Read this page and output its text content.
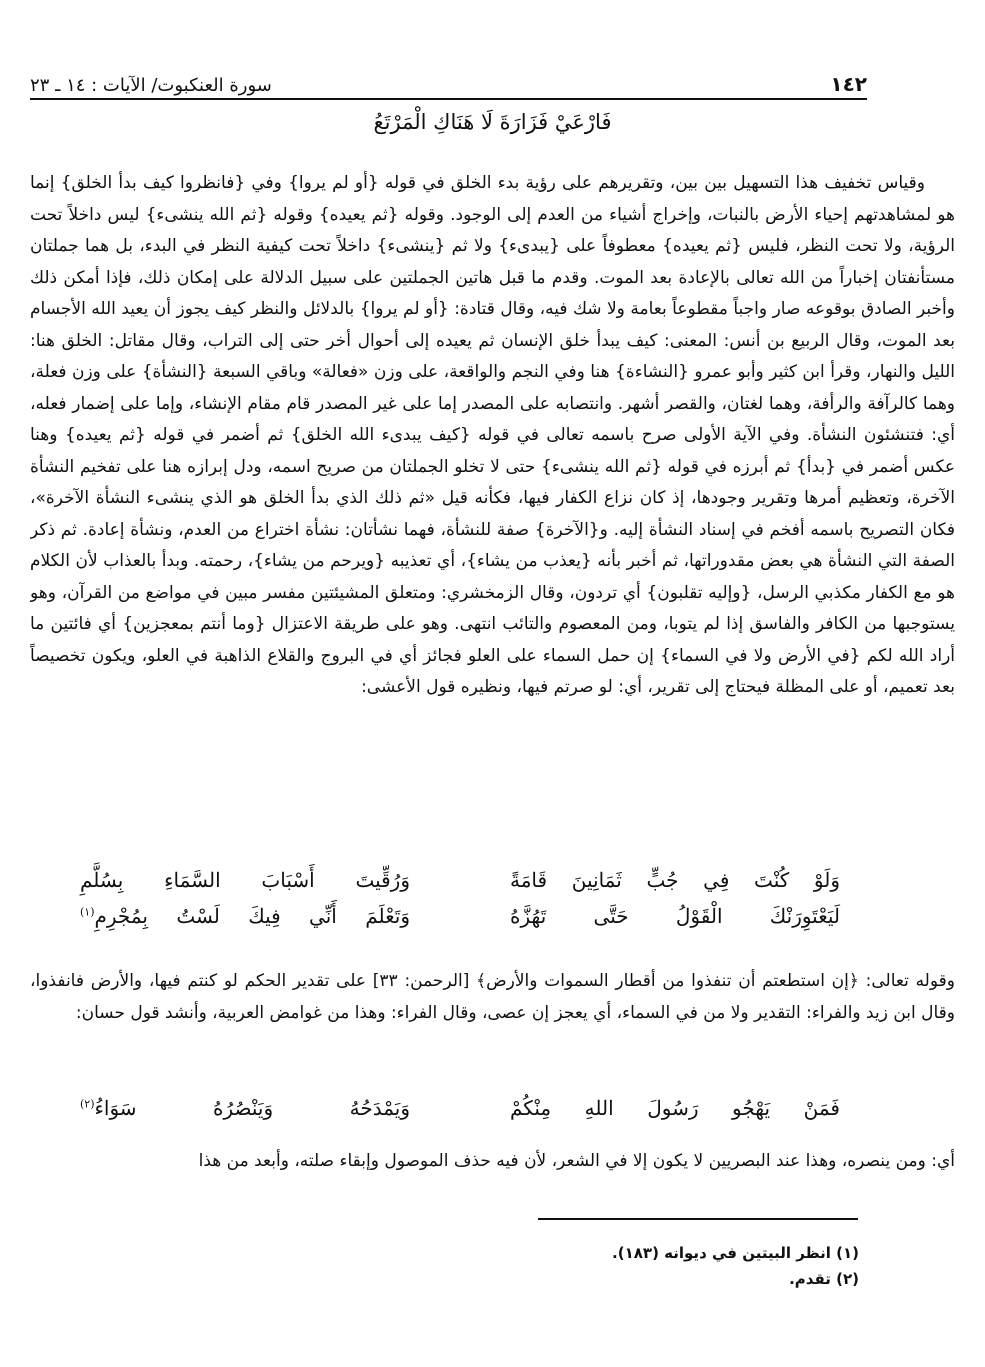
١٤٢
سورة العنكبوت/ الآيات : ١٤ ـ ٢٣
فَارْعَيْ فَزَارَةَ لَا هَنَاكِ الْمَرْتَعُ

وقياس تخفيف هذا التسهيل بين بين، وتقريرهم على رؤية بدء الخلق في قوله {أو لم يروا} وفي {فانظروا كيف بدأ الخلق} إنما هو لمشاهدتهم إحياء الأرض بالنبات، وإخراج أشياء من العدم إلى الوجود. وقوله {ثم يعيده} وقوله {ثم الله ينشىء} ليس داخلاً تحت الرؤية، ولا تحت النظر، فليس {ثم يعيده} معطوفاً على {يبدىء} ولا ثم {ينشىء} داخلاً تحت كيفية النظر في البدء، بل هما جملتان مستأنفتان إخباراً من الله تعالى بالإعادة بعد الموت. وقدم ما قبل هاتين الجملتين على سبيل الدلالة على إمكان ذلك، فإذا أمكن ذلك وأخبر الصادق بوقوعه صار واجباً مقطوعاً بعامة ولا شك فيه، وقال قتادة: {أو لم يروا} بالدلائل والنظر كيف يجوز أن يعيد الله الأجسام بعد الموت، وقال الربيع بن أنس: المعنى: كيف يبدأ خلق الإنسان ثم يعيده إلى أحوال أخر حتى إلى التراب، وقال مقاتل: الخلق هنا: الليل والنهار، وقرأ ابن كثير وأبو عمرو {النشاءة} هنا وفي النجم والواقعة، على وزن «فعالة» وباقي السبعة {النشأة} على وزن فعلة، وهما كالرآفة والرأفة، وهما لغتان، والقصر أشهر. وانتصابه على المصدر إما على غير المصدر قام مقام الإنشاء، وإما على إضمار فعله، أي: فتنشئون النشأة. وفي الآية الأولى صرح باسمه تعالى في قوله {كيف يبدىء الله الخلق} ثم أضمر في قوله {ثم يعيده} وهنا عكس أضمر في {بدأ} ثم أبرزه في قوله {ثم الله ينشىء} حتى لا تخلو الجملتان من صريح اسمه، ودل إبرازه هنا على تفخيم النشأة الآخرة، وتعظيم أمرها وتقرير وجودها، إذ كان نزاع الكفار فيها، فكأنه قيل «ثم ذلك الذي بدأ الخلق هو الذي ينشىء النشأة الآخرة»، فكان التصريح باسمه أفخم في إسناد النشأة إليه. و{الآخرة} صفة للنشأة، فهما نشأتان: نشأة اختراع من العدم، ونشأة إعادة. ثم ذكر الصفة التي النشأة هي بعض مقدوراتها، ثم أخبر بأنه {يعذب من يشاء}، أي تعذيبه {ويرحم من يشاء}، رحمته. وبدأ بالعذاب لأن الكلام هو مع الكفار مكذبي الرسل، {وإليه تقلبون} أي تردون، وقال الزمخشري: ومتعلق المشيئتين مفسر مبين في مواضع من القرآن، وهو يستوجبها من الكافر والفاسق إذا لم يتوبا، ومن المعصوم والتائب انتهى. وهو على طريقة الاعتزال {وما أنتم بمعجزين} أي فائتين ما أراد الله لكم {في الأرض ولا في السماء} إن حمل السماء على العلو فجائز أي في البروج والقلاع الذاهبة في العلو، ويكون تخصيصاً بعد تعميم، أو على المظلة فيحتاج إلى تقرير، أي: لو صرتم فيها، ونظيره قول الأعشى:

وَلَوْ كُنْتَ فِي جُبٍّ ثَمَانِينَ قَامَةً
وَرُقِّيتَ أَسْبَابَ السَّمَاءِ بِسُلَّمِ
لَيَعْتَوِرَنْكَ الْقَوْلُ حَتَّى تَهُزَّهُ
وَتَعْلَمَ أَنِّي فِيكَ لَسْتُ بِمُجْرِمِ$^{(١)}$

وقوله تعالى: ﴿إن استطعتم أن تنفذوا من أقطار السموات والأرض﴾ [الرحمن: ٣٣] على تقدير الحكم لو كنتم فيها، والأرض فانفذوا، وقال ابن زيد والفراء: التقدير ولا من في السماء، أي يعجز إن عصى، وقال الفراء: وهذا من غوامض العربية، وأنشد قول حسان:

فَمَنْ يَهْجُو رَسُولَ اللهِ مِنْكُمْ
وَيَمْدَحُهُ وَيَنْصُرُهُ سَوَاءُ$^{(٢)}$

أي: ومن ينصره، وهذا عند البصريين لا يكون إلا في الشعر، لأن فيه حذف الموصول وإبقاء صلته، وأبعد من هذا

(١) انظر البيتين في ديوانه (١٨٣).
(٢) تقدم.
